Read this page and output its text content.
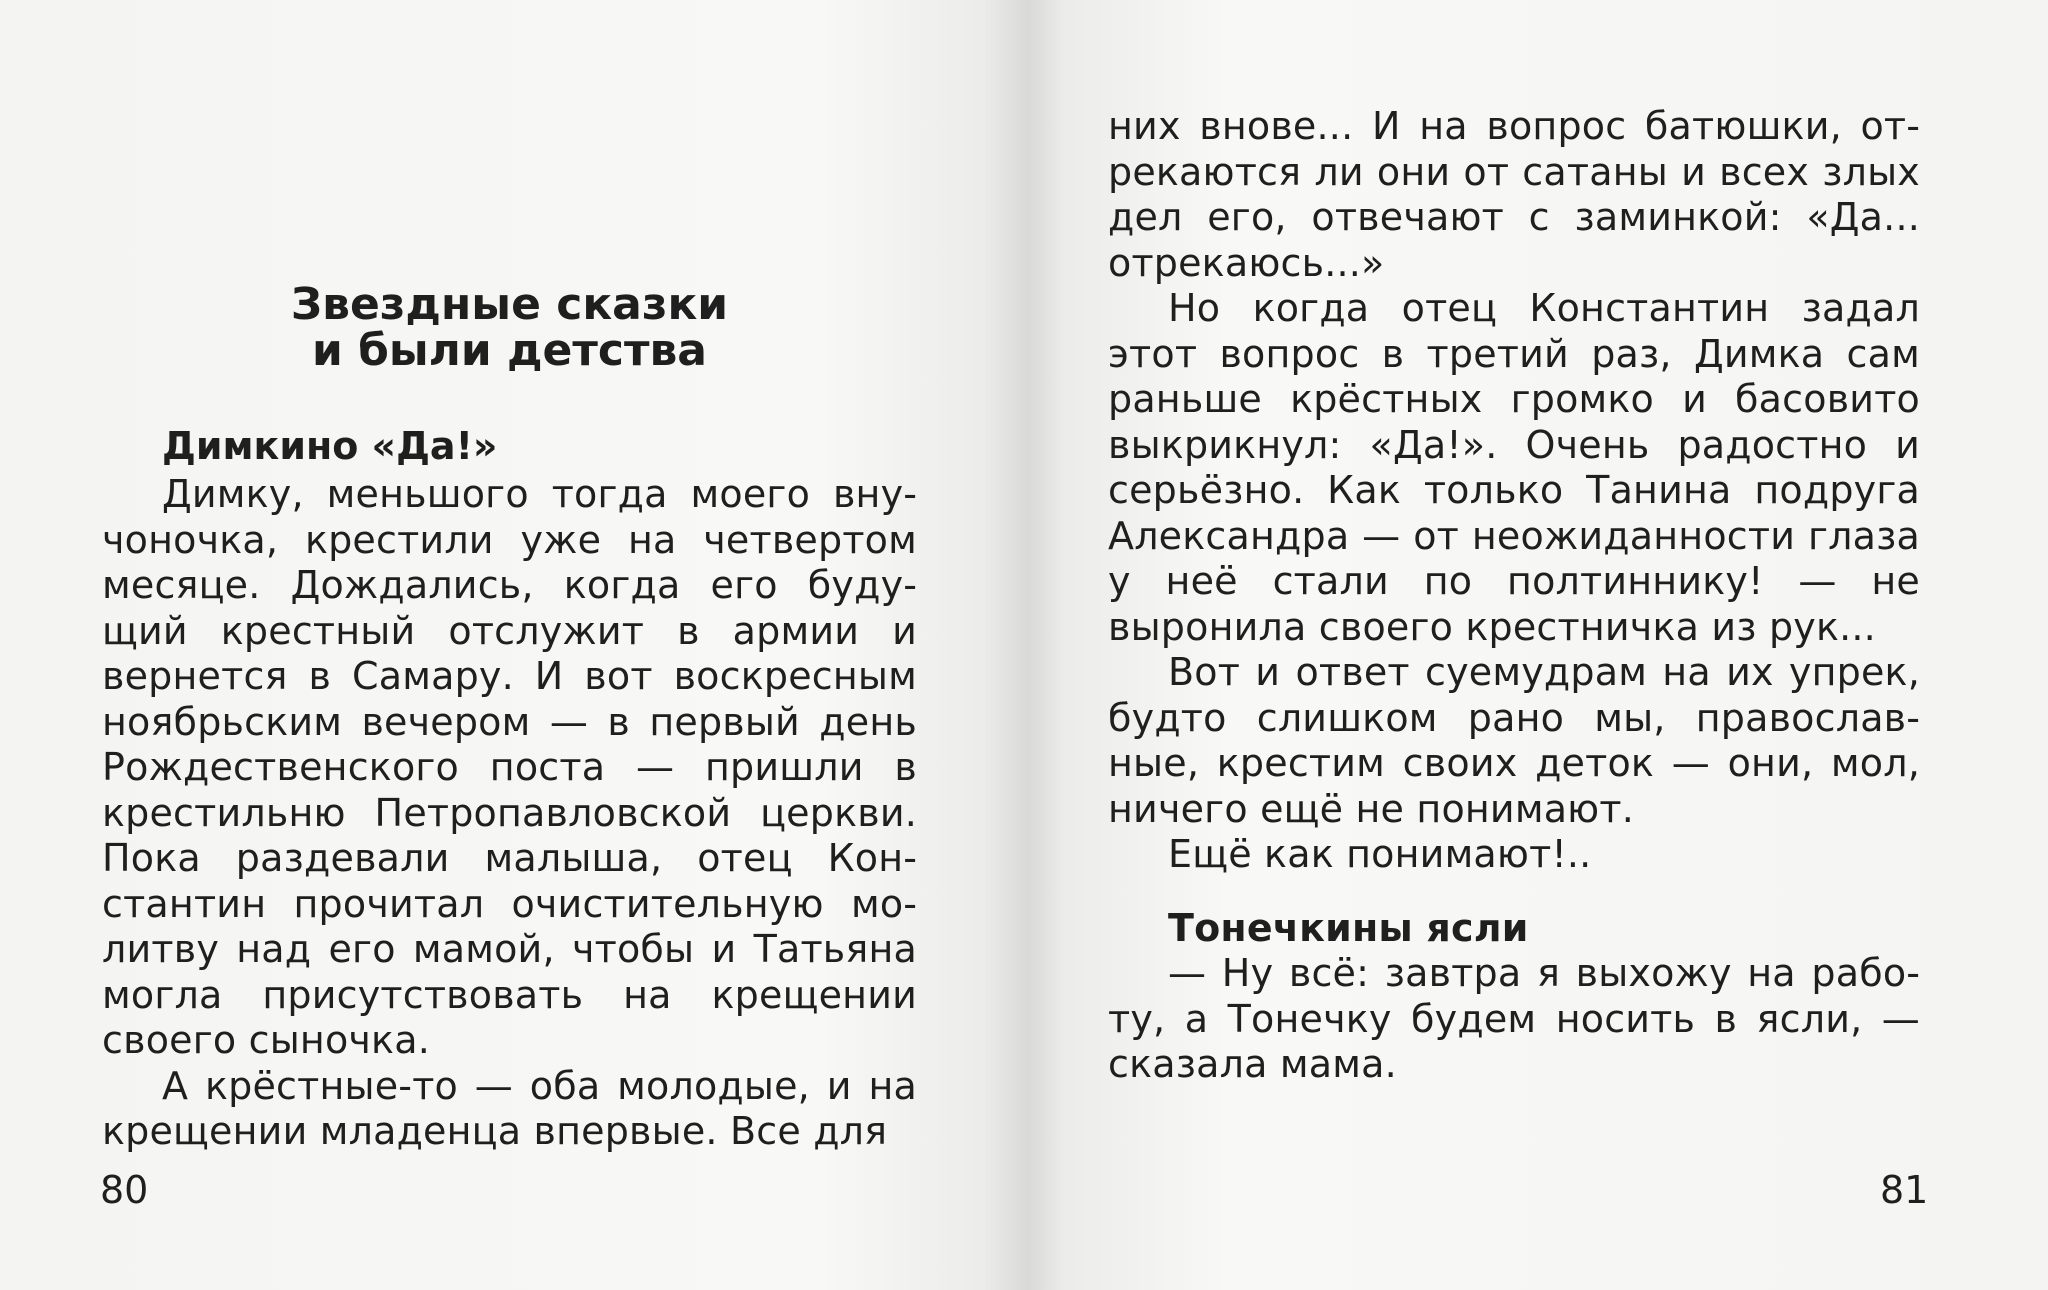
Звездные сказки
и были детства

Димкино «Да!»

Димку, меньшого тогда моего внучоночка, крестили уже на четвертом месяце. Дождались, когда его будущий крестный отслужит в армии и вернется в Самару. И вот воскресным ноябрьским вечером — в первый день Рождественского поста — пришли в крестильню Петропавловской церкви. Пока раздевали малыша, отец Константин прочитал очистительную молитву над его мамой, чтобы и Татьяна могла присутствовать на крещении своего сыночка.

А крёстные-то — оба молодые, и на крещении младенца впервые. Все для

80

них внове... И на вопрос батюшки, отрекаются ли они от сатаны и всех злых дел его, отвечают с заминкой: «Да... отрекаюсь...»

Но когда отец Константин задал этот вопрос в третий раз, Димка сам раньше крёстных громко и басовито выкрикнул: «Да!». Очень радостно и серьёзно. Как только Танина подруга Александра — от неожиданности глаза у неё стали по полтиннику! — не выронила своего крестничка из рук...

Вот и ответ суемудрам на их упрек, будто слишком рано мы, православные, крестим своих деток — они, мол, ничего ещё не понимают.

Ещё как понимают!..

Тонечкины ясли

— Ну всё: завтра я выхожу на работу, а Тонечку будем носить в ясли, — сказала мама.

81
